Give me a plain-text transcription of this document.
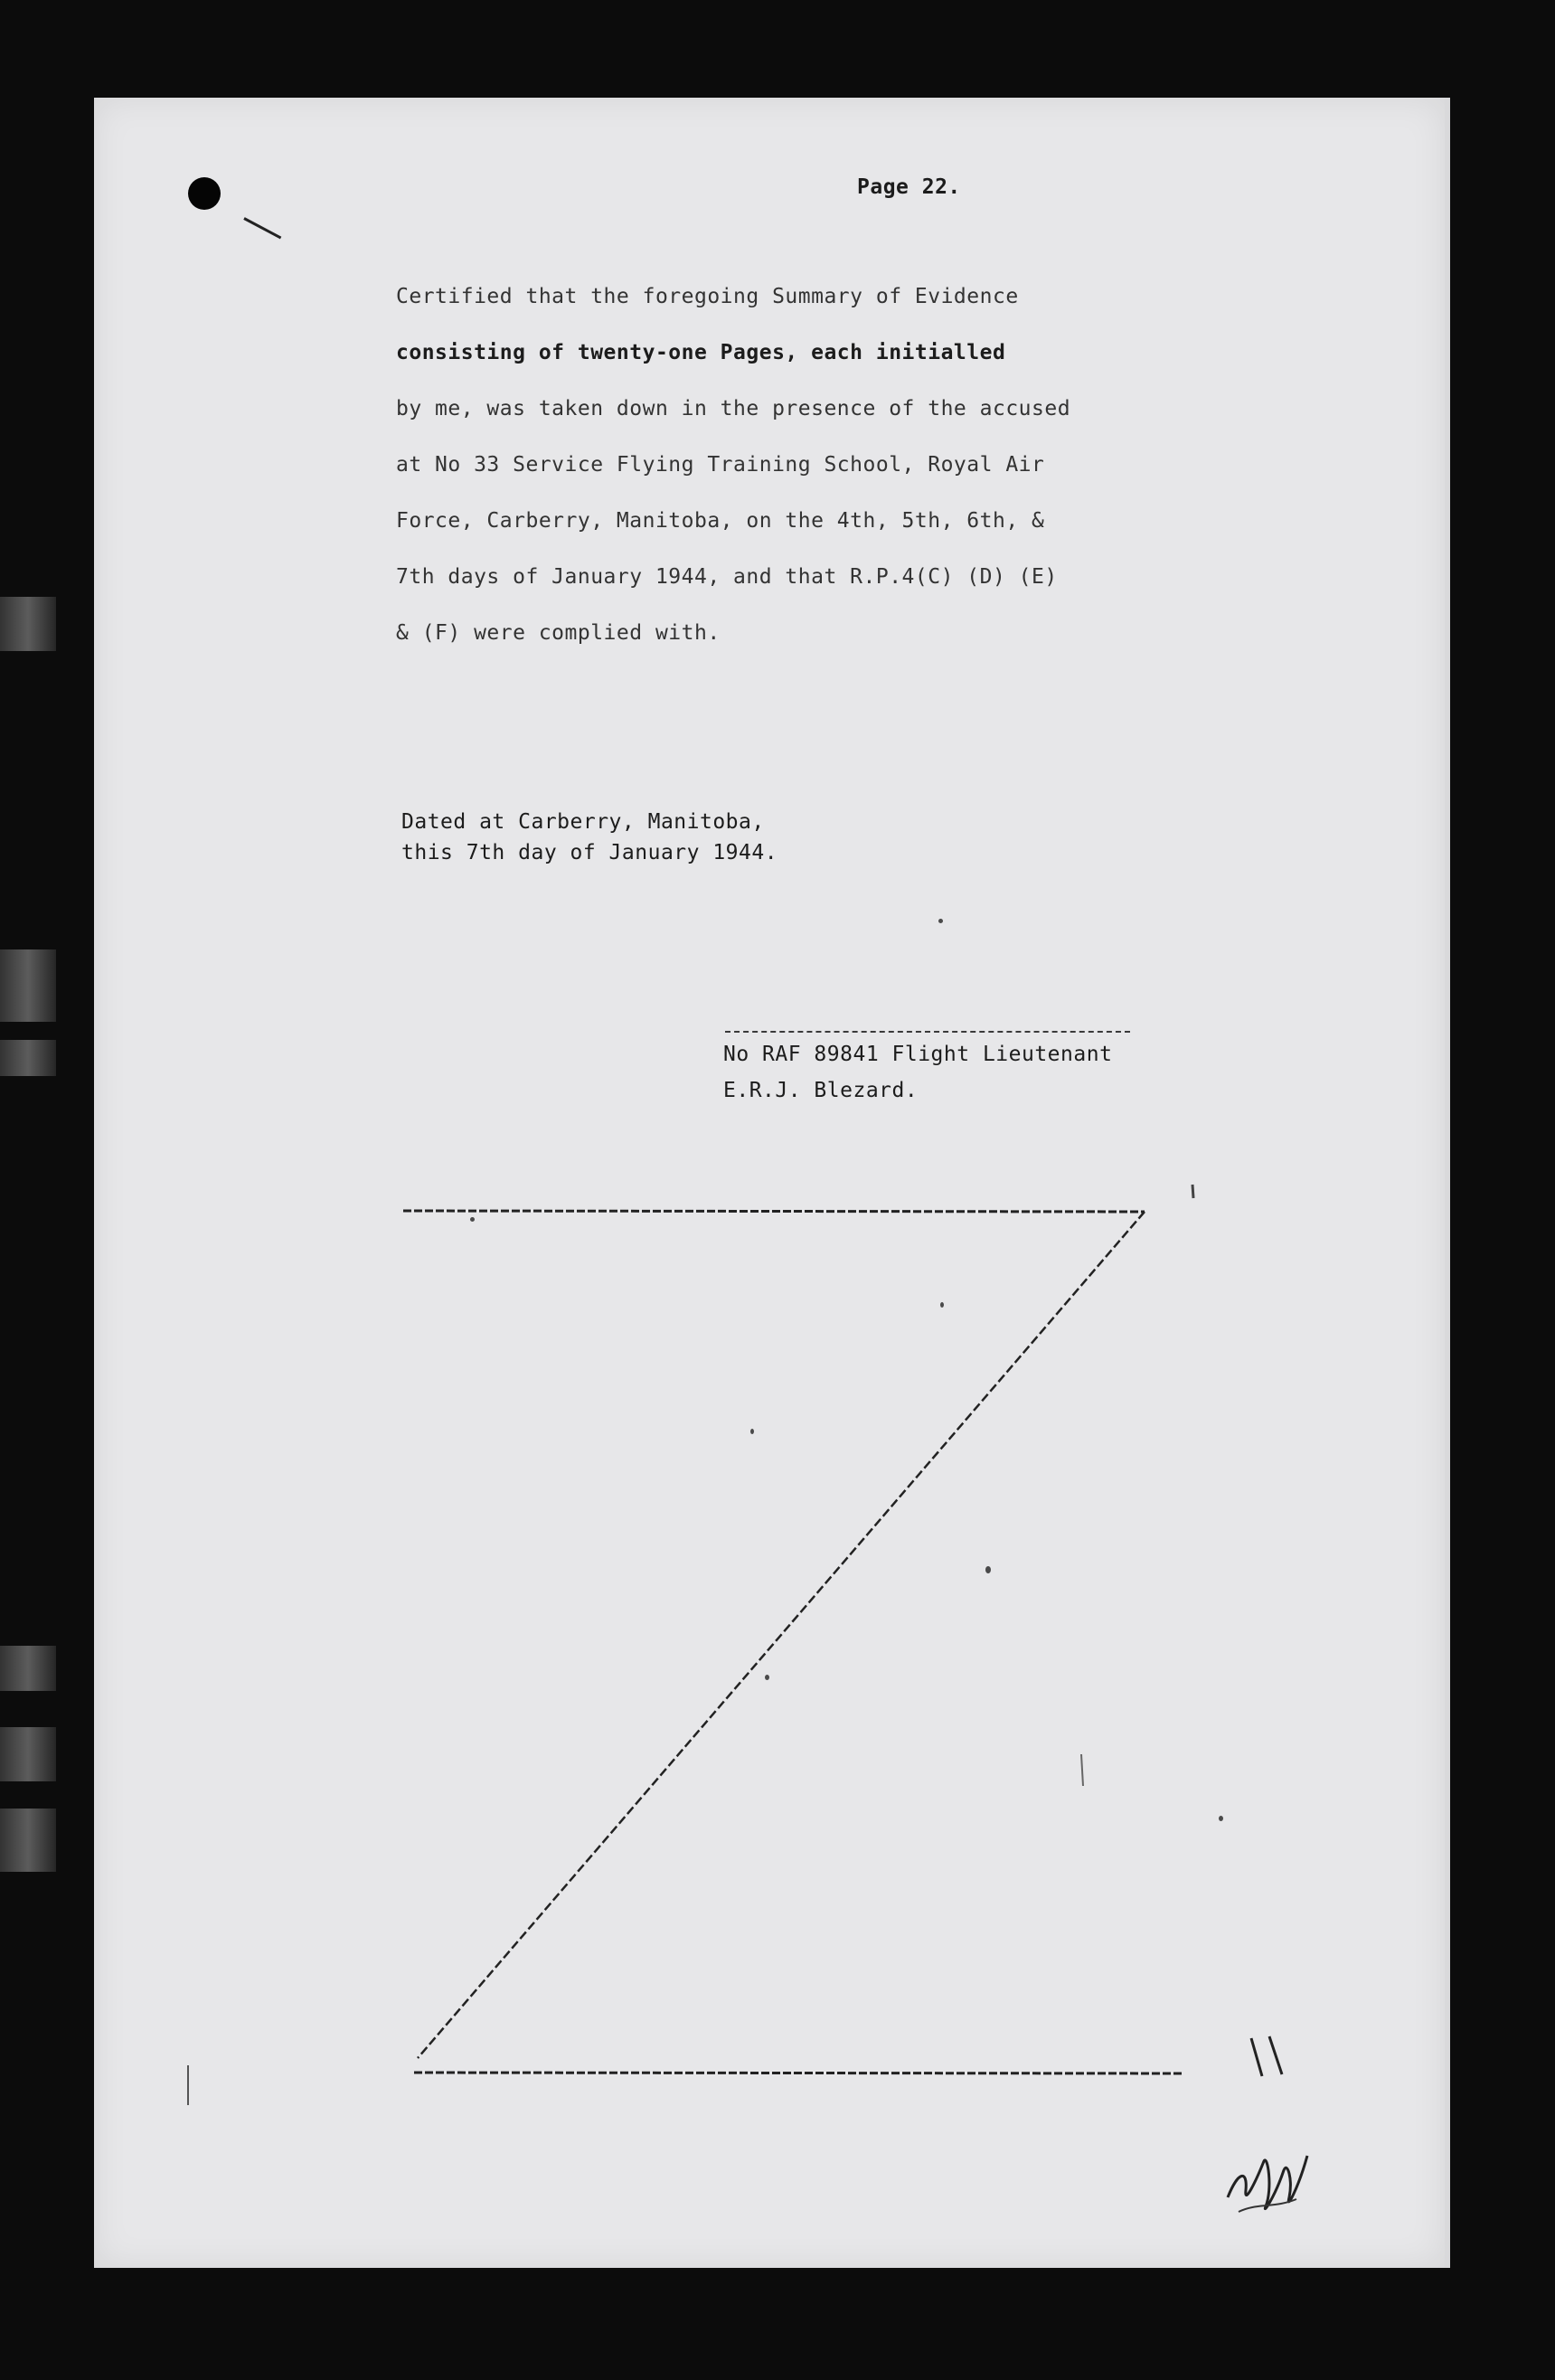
Page 22.
Certified that the foregoing Summary of Evidence
consisting of twenty-one Pages, each initialled
by me, was taken down in the presence of the accused
at No 33 Service Flying Training School, Royal Air
Force, Carberry, Manitoba, on the 4th, 5th, 6th, &
7th days of January 1944, and that R.P.4(C) (D) (E)
& (F) were complied with.
Dated at Carberry, Manitoba,
this 7th day of January 1944.
No RAF 89841 Flight Lieutenant
E.R.J. Blezard.
